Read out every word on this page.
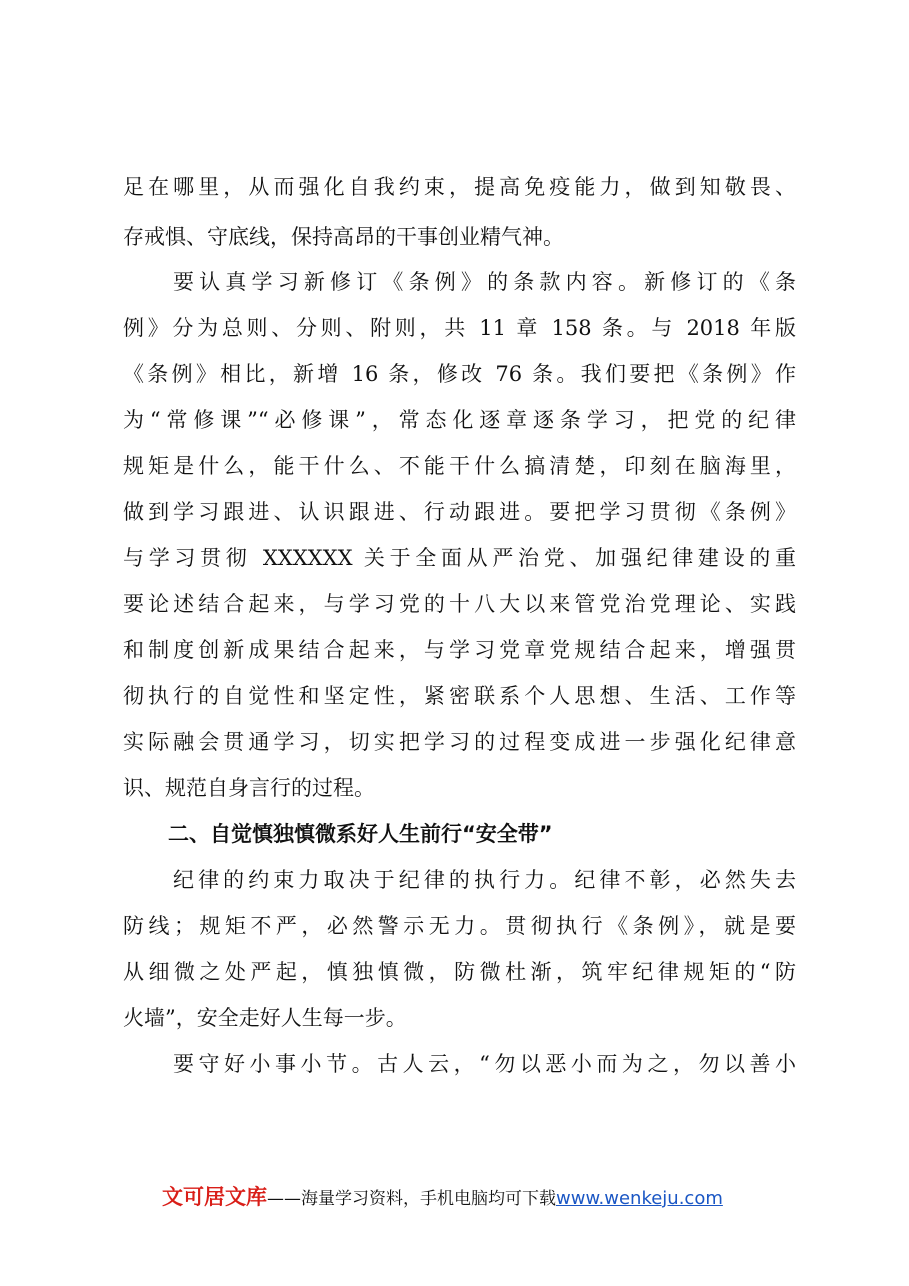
足在哪里，从而强化自我约束，提高免疫能力，做到知敬畏、
存戒惧、守底线，保持高昂的干事创业精气神。
要认真学习新修订《条例》的条款内容。新修订的《条
例》分为总则、分则、附则，共 11 章 158 条。与 2018 年版
《条例》相比，新增 16 条，修改 76 条。我们要把《条例》作
为“常修课”“必修课”，常态化逐章逐条学习，把党的纪律
规矩是什么，能干什么、不能干什么搞清楚，印刻在脑海里，
做到学习跟进、认识跟进、行动跟进。要把学习贯彻《条例》
与学习贯彻 XXXXXX 关于全面从严治党、加强纪律建设的重
要论述结合起来，与学习党的十八大以来管党治党理论、实践
和制度创新成果结合起来，与学习党章党规结合起来，增强贯
彻执行的自觉性和坚定性，紧密联系个人思想、生活、工作等
实际融会贯通学习，切实把学习的过程变成进一步强化纪律意
识、规范自身言行的过程。
二、自觉慎独慎微系好人生前行“安全带”
纪律的约束力取决于纪律的执行力。纪律不彰，必然失去
防线；规矩不严，必然警示无力。贯彻执行《条例》，就是要
从细微之处严起，慎独慎微，防微杜渐，筑牢纪律规矩的“防
火墙”，安全走好人生每一步。
要守好小事小节。古人云，“勿以恶小而为之，勿以善小
文可居文库——海量学习资料，手机电脑均可下载www.wenkeju.com
